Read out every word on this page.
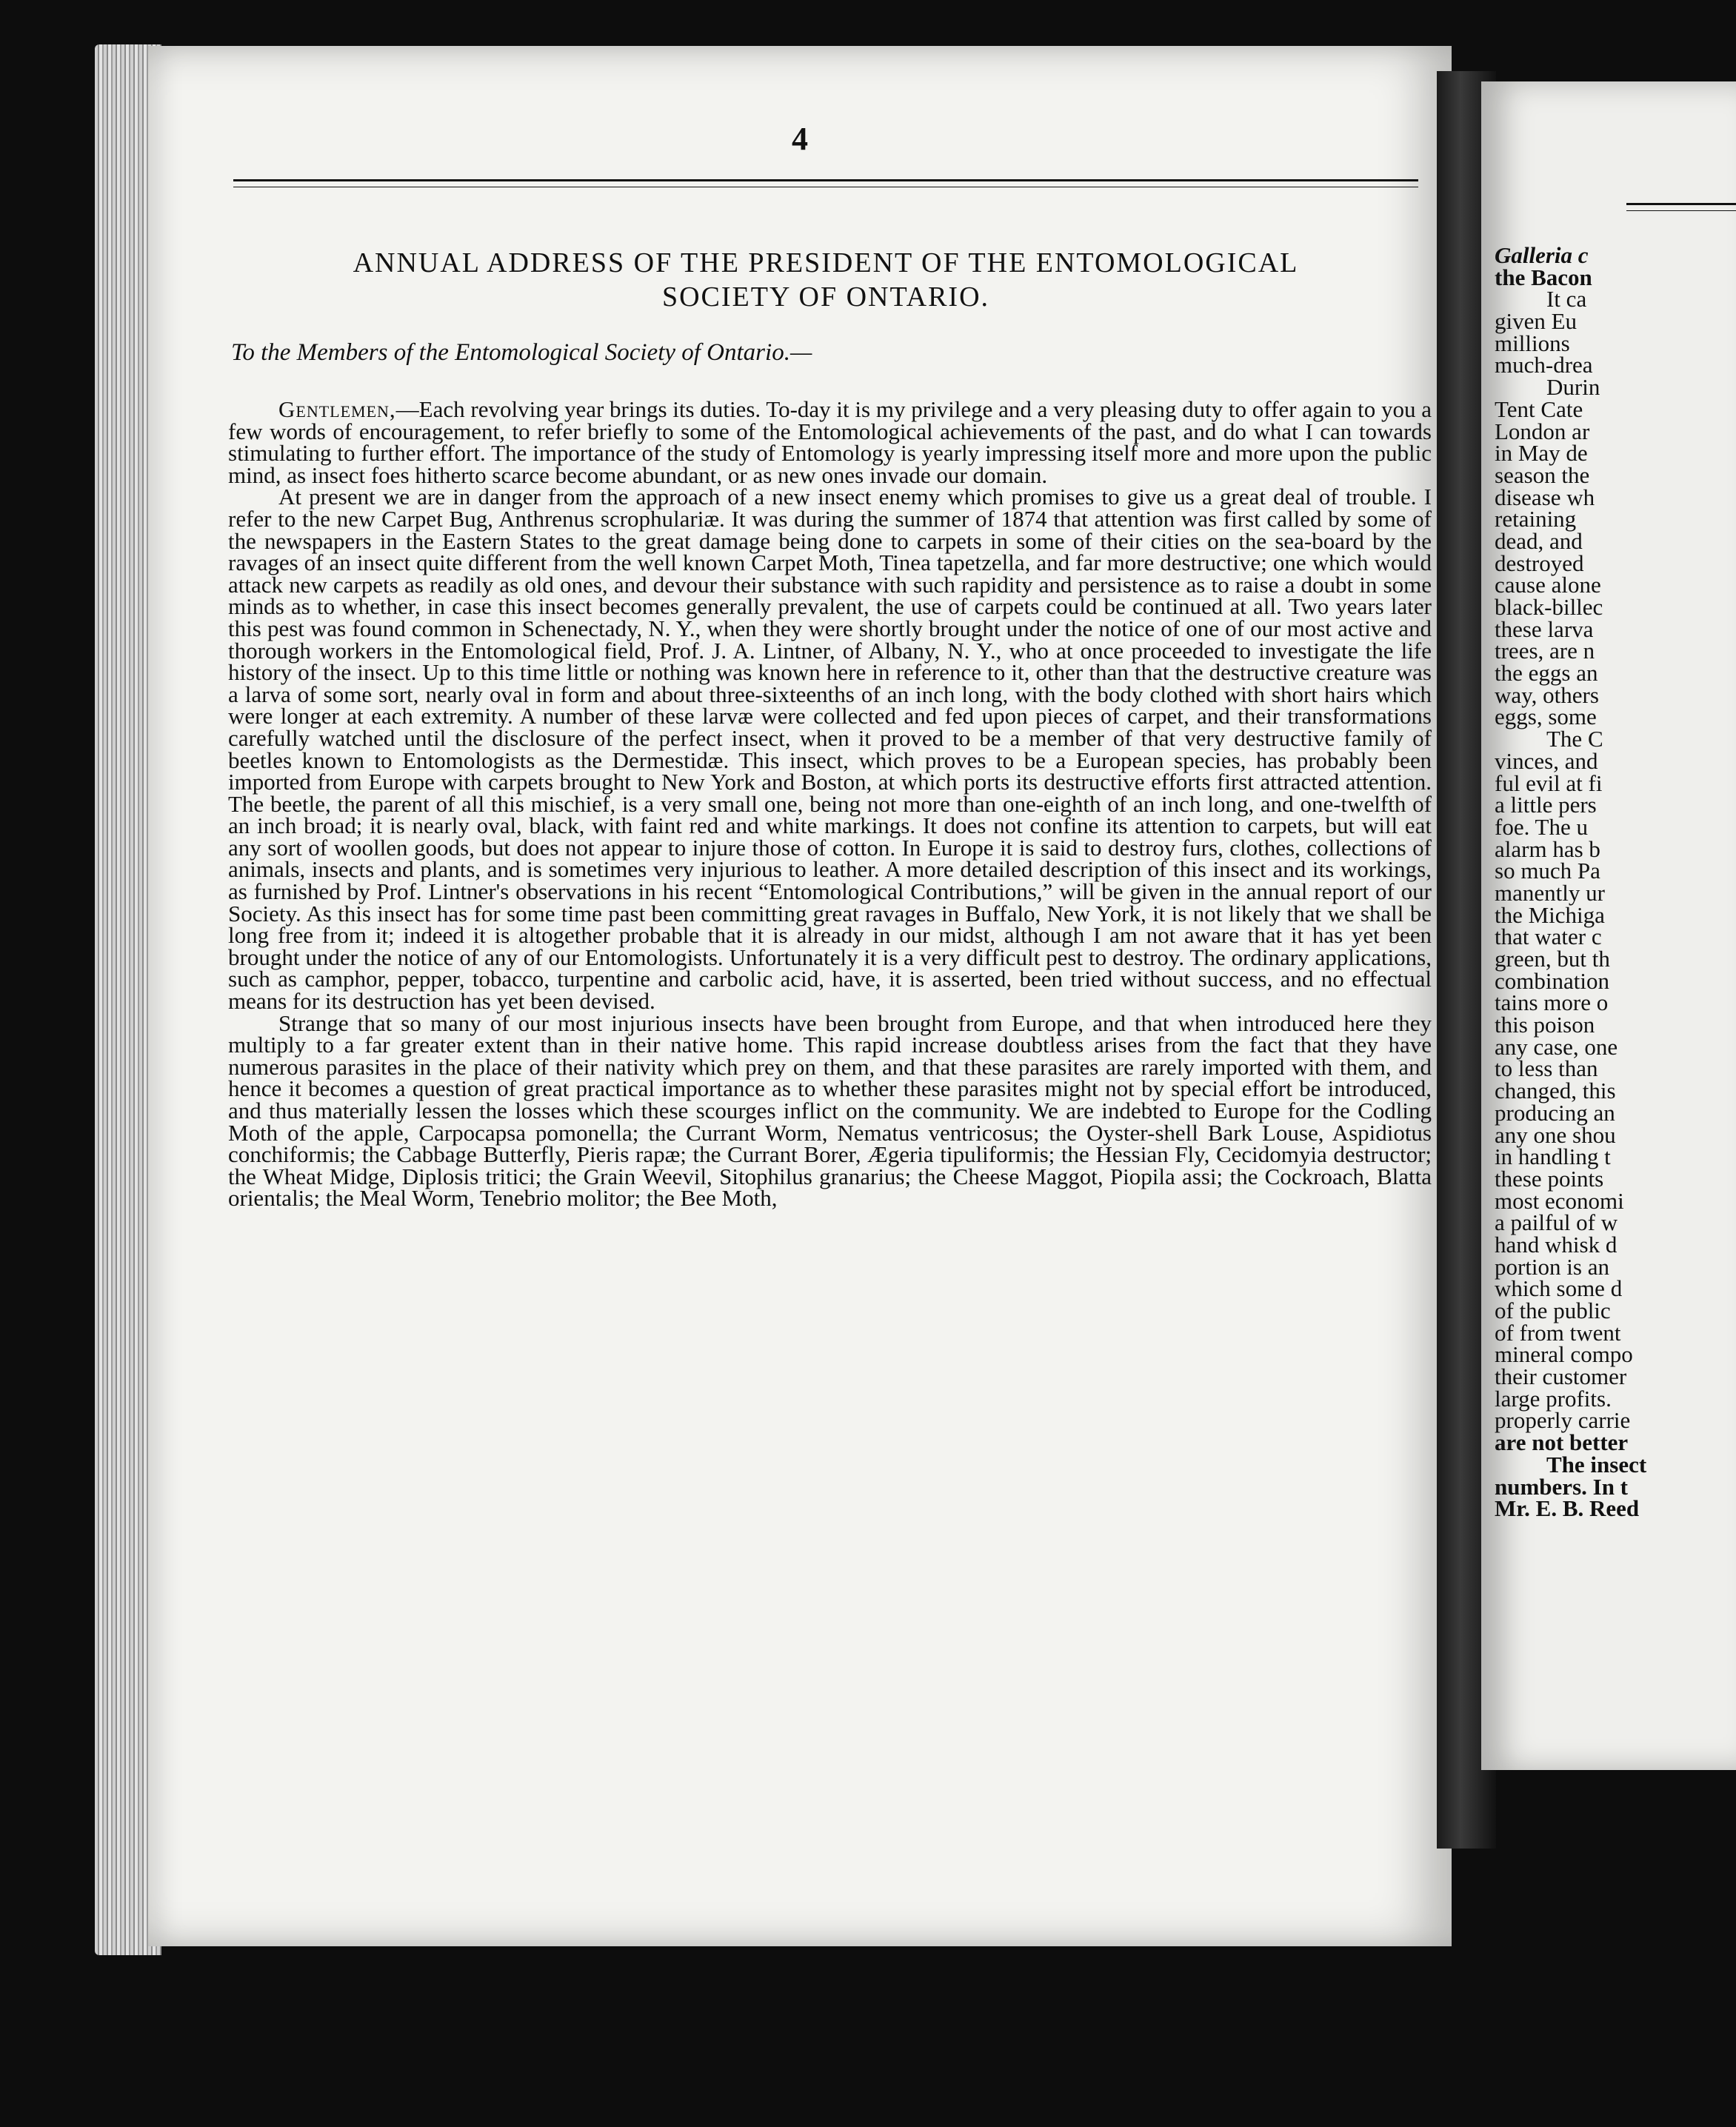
4
ANNUAL ADDRESS OF THE PRESIDENT OF THE ENTOMOLOGICAL
SOCIETY OF ONTARIO.
To the Members of the Entomological Society of Ontario.—

Gentlemen,—Each revolving year brings its duties. To-day it is my privilege and a very pleasing duty to offer again to you a few words of encouragement, to refer briefly to some of the Entomological achievements of the past, and do what I can towards stimulating to further effort. The importance of the study of Entomology is yearly impressing itself more and more upon the public mind, as insect foes hitherto scarce become abundant, or as new ones invade our domain.

At present we are in danger from the approach of a new insect enemy which promises to give us a great deal of trouble. I refer to the new Carpet Bug, Anthrenus scrophulariæ. It was during the summer of 1874 that attention was first called by some of the newspapers in the Eastern States to the great damage being done to carpets in some of their cities on the sea-board by the ravages of an insect quite different from the well known Carpet Moth, Tinea tapetzella, and far more destructive; one which would attack new carpets as readily as old ones, and devour their substance with such rapidity and persistence as to raise a doubt in some minds as to whether, in case this insect becomes generally prevalent, the use of carpets could be continued at all. Two years later this pest was found common in Schenectady, N. Y., when they were shortly brought under the notice of one of our most active and thorough workers in the Entomological field, Prof. J. A. Lintner, of Albany, N. Y., who at once proceeded to investigate the life history of the insect. Up to this time little or nothing was known here in reference to it, other than that the destructive creature was a larva of some sort, nearly oval in form and about three-sixteenths of an inch long, with the body clothed with short hairs which were longer at each extremity. A number of these larvæ were collected and fed upon pieces of carpet, and their transformations carefully watched until the disclosure of the perfect insect, when it proved to be a member of that very destructive family of beetles known to Entomologists as the Dermestidæ. This insect, which proves to be a European species, has probably been imported from Europe with carpets brought to New York and Boston, at which ports its destructive efforts first attracted attention. The beetle, the parent of all this mischief, is a very small one, being not more than one-eighth of an inch long, and one-twelfth of an inch broad; it is nearly oval, black, with faint red and white markings. It does not confine its attention to carpets, but will eat any sort of woollen goods, but does not appear to injure those of cotton. In Europe it is said to destroy furs, clothes, collections of animals, insects and plants, and is sometimes very injurious to leather. A more detailed description of this insect and its workings, as furnished by Prof. Lintner's observations in his recent “Entomological Contributions,” will be given in the annual report of our Society. As this insect has for some time past been committing great ravages in Buffalo, New York, it is not likely that we shall be long free from it; indeed it is altogether probable that it is already in our midst, although I am not aware that it has yet been brought under the notice of any of our Entomologists. Unfortunately it is a very difficult pest to destroy. The ordinary applications, such as camphor, pepper, tobacco, turpentine and carbolic acid, have, it is asserted, been tried without success, and no effectual means for its destruction has yet been devised.

Strange that so many of our most injurious insects have been brought from Europe, and that when introduced here they multiply to a far greater extent than in their native home. This rapid increase doubtless arises from the fact that they have numerous parasites in the place of their nativity which prey on them, and that these parasites are rarely imported with them, and hence it becomes a question of great practical importance as to whether these parasites might not by special effort be introduced, and thus materially lessen the losses which these scourges inflict on the community. We are indebted to Europe for the Codling Moth of the apple, Carpocapsa pomonella; the Currant Worm, Nematus ventricosus; the Oyster-shell Bark Louse, Aspidiotus conchiformis; the Cabbage Butterfly, Pieris rapæ; the Currant Borer, Ægeria tipuliformis; the Hessian Fly, Cecidomyia destructor; the Wheat Midge, Diplosis tritici; the Grain Weevil, Sitophilus granarius; the Cheese Maggot, Piopila assi; the Cockroach, Blatta orientalis; the Meal Worm, Tenebrio molitor; the Bee Moth,

Galleria c
the Bacon
It ca
given Eu
millions
much-drea
Durin
Tent Cate
London ar
in May de
season the
disease wh
retaining
dead, and
destroyed
cause alone
black-billec
these larva
trees, are n
the eggs an
way, others
eggs, some
The C
vinces, and
ful evil at fi
a little pers
foe. The u
alarm has b
so much Pa
manently ur
the Michiga
that water c
green, but th
combination
tains more o
this poison
any case, one
to less than
changed, this
producing an
any one shou
in handling t
these points
most economi
a pailful of w
hand whisk d
portion is an
which some d
of the public
of from twent
mineral compo
their customer
large profits.
properly carrie
are not better
The insect
numbers. In t
Mr. E. B. Reed
